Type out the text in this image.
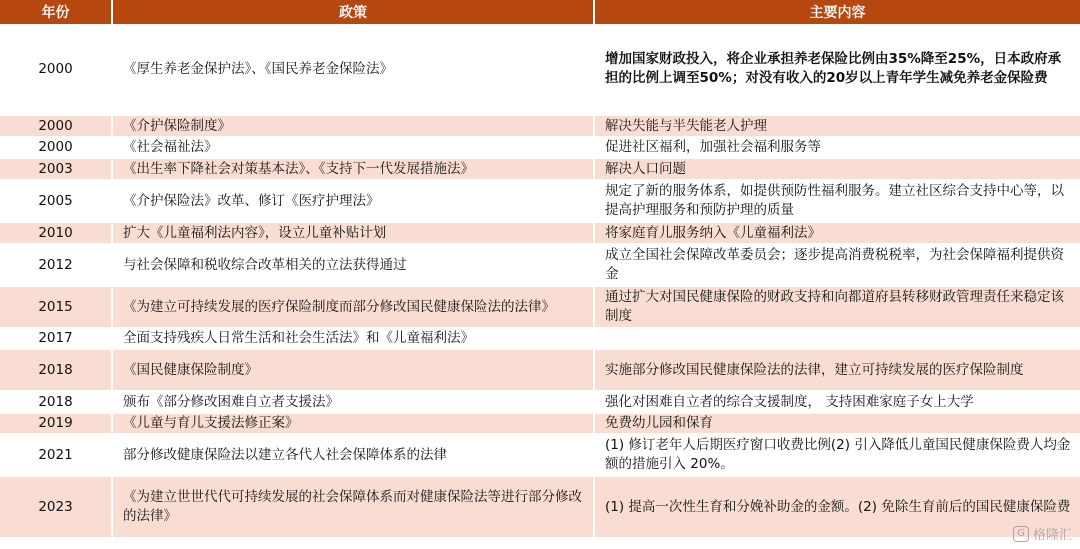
年份	政策	主要内容
2000	《厚生养老金保护法》、《国民养老金保险法》	增加国家财政投入，将企业承担养老保险比例由35%降至25%，日本政府承担的比例上调至50%；对没有收入的20岁以上青年学生减免养老金保险费
2000	《介护保险制度》	解决失能与半失能老人护理
2000	《社会福祉法》	促进社区福利，加强社会福利服务等
2003	《出生率下降社会对策基本法》、《支持下一代发展措施法》	解决人口问题
2005	《介护保险法》改革、修订《医疗护理法》	规定了新的服务体系，如提供预防性福利服务。建立社区综合支持中心等，以提高护理服务和预防护理的质量
2010	扩大《儿童福利法内容》，设立儿童补贴计划	将家庭育儿服务纳入《儿童福利法》
2012	与社会保障和税收综合改革相关的立法获得通过	成立全国社会保障改革委员会；逐步提高消费税税率，为社会保障福利提供资金
2015	《为建立可持续发展的医疗保险制度而部分修改国民健康保险法的法律》	通过扩大对国民健康保险的财政支持和向都道府县转移财政管理责任来稳定该制度
2017	全面支持残疾人日常生活和社会生活法》和《儿童福利法》	
2018	《国民健康保险制度》	实施部分修改国民健康保险法的法律，建立可持续发展的医疗保险制度
2018	颁布《部分修改困难自立者支援法》	强化对困难自立者的综合支援制度， 支持困难家庭子女上大学
2019	《儿童与育儿支援法修正案》	免费幼儿园和保育
2021	部分修改健康保险法以建立各代人社会保障体系的法律	(1) 修订老年人后期医疗窗口收费比例(2) 引入降低儿童国民健康保险费人均金额的措施引入 20%。
2023	《为建立世世代代可持续发展的社会保障体系而对健康保险法等进行部分修改的法律》	(1) 提高一次性生育和分娩补助金的金额。(2) 免除生育前后的国民健康保险费
G 格隆汇
